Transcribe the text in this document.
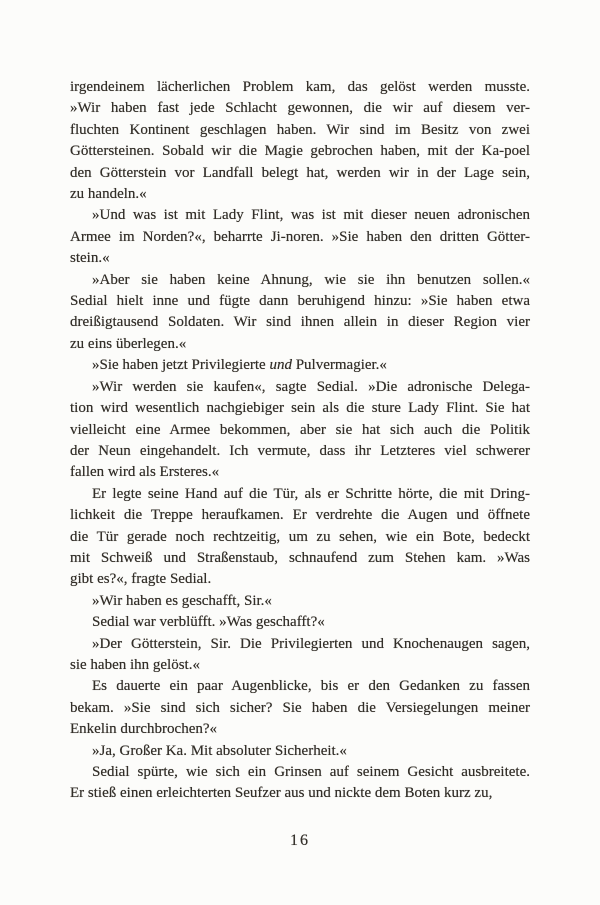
irgendeinem lächerlichen Problem kam, das gelöst werden musste.
»Wir haben fast jede Schlacht gewonnen, die wir auf diesem ver-
fluchten Kontinent geschlagen haben. Wir sind im Besitz von zwei
Göttersteinen. Sobald wir die Magie gebrochen haben, mit der Ka-poel
den Götterstein vor Landfall belegt hat, werden wir in der Lage sein,
zu handeln.«
»Und was ist mit Lady Flint, was ist mit dieser neuen adronischen
Armee im Norden?«, beharrte Ji-noren. »Sie haben den dritten Götter-
stein.«
»Aber sie haben keine Ahnung, wie sie ihn benutzen sollen.«
Sedial hielt inne und fügte dann beruhigend hinzu: »Sie haben etwa
dreißigtausend Soldaten. Wir sind ihnen allein in dieser Region vier
zu eins überlegen.«
»Sie haben jetzt Privilegierte und Pulvermagier.«
»Wir werden sie kaufen«, sagte Sedial. »Die adronische Delega-
tion wird wesentlich nachgiebiger sein als die sture Lady Flint. Sie hat
vielleicht eine Armee bekommen, aber sie hat sich auch die Politik
der Neun eingehandelt. Ich vermute, dass ihr Letzteres viel schwerer
fallen wird als Ersteres.«
Er legte seine Hand auf die Tür, als er Schritte hörte, die mit Dring-
lichkeit die Treppe heraufkamen. Er verdrehte die Augen und öffnete
die Tür gerade noch rechtzeitig, um zu sehen, wie ein Bote, bedeckt
mit Schweiß und Straßenstaub, schnaufend zum Stehen kam. »Was
gibt es?«, fragte Sedial.
»Wir haben es geschafft, Sir.«
Sedial war verblüfft. »Was geschafft?«
»Der Götterstein, Sir. Die Privilegierten und Knochenaugen sagen,
sie haben ihn gelöst.«
Es dauerte ein paar Augenblicke, bis er den Gedanken zu fassen
bekam. »Sie sind sich sicher? Sie haben die Versiegelungen meiner
Enkelin durchbrochen?«
»Ja, Großer Ka. Mit absoluter Sicherheit.«
Sedial spürte, wie sich ein Grinsen auf seinem Gesicht ausbreitete.
Er stieß einen erleichterten Seufzer aus und nickte dem Boten kurz zu,
16
